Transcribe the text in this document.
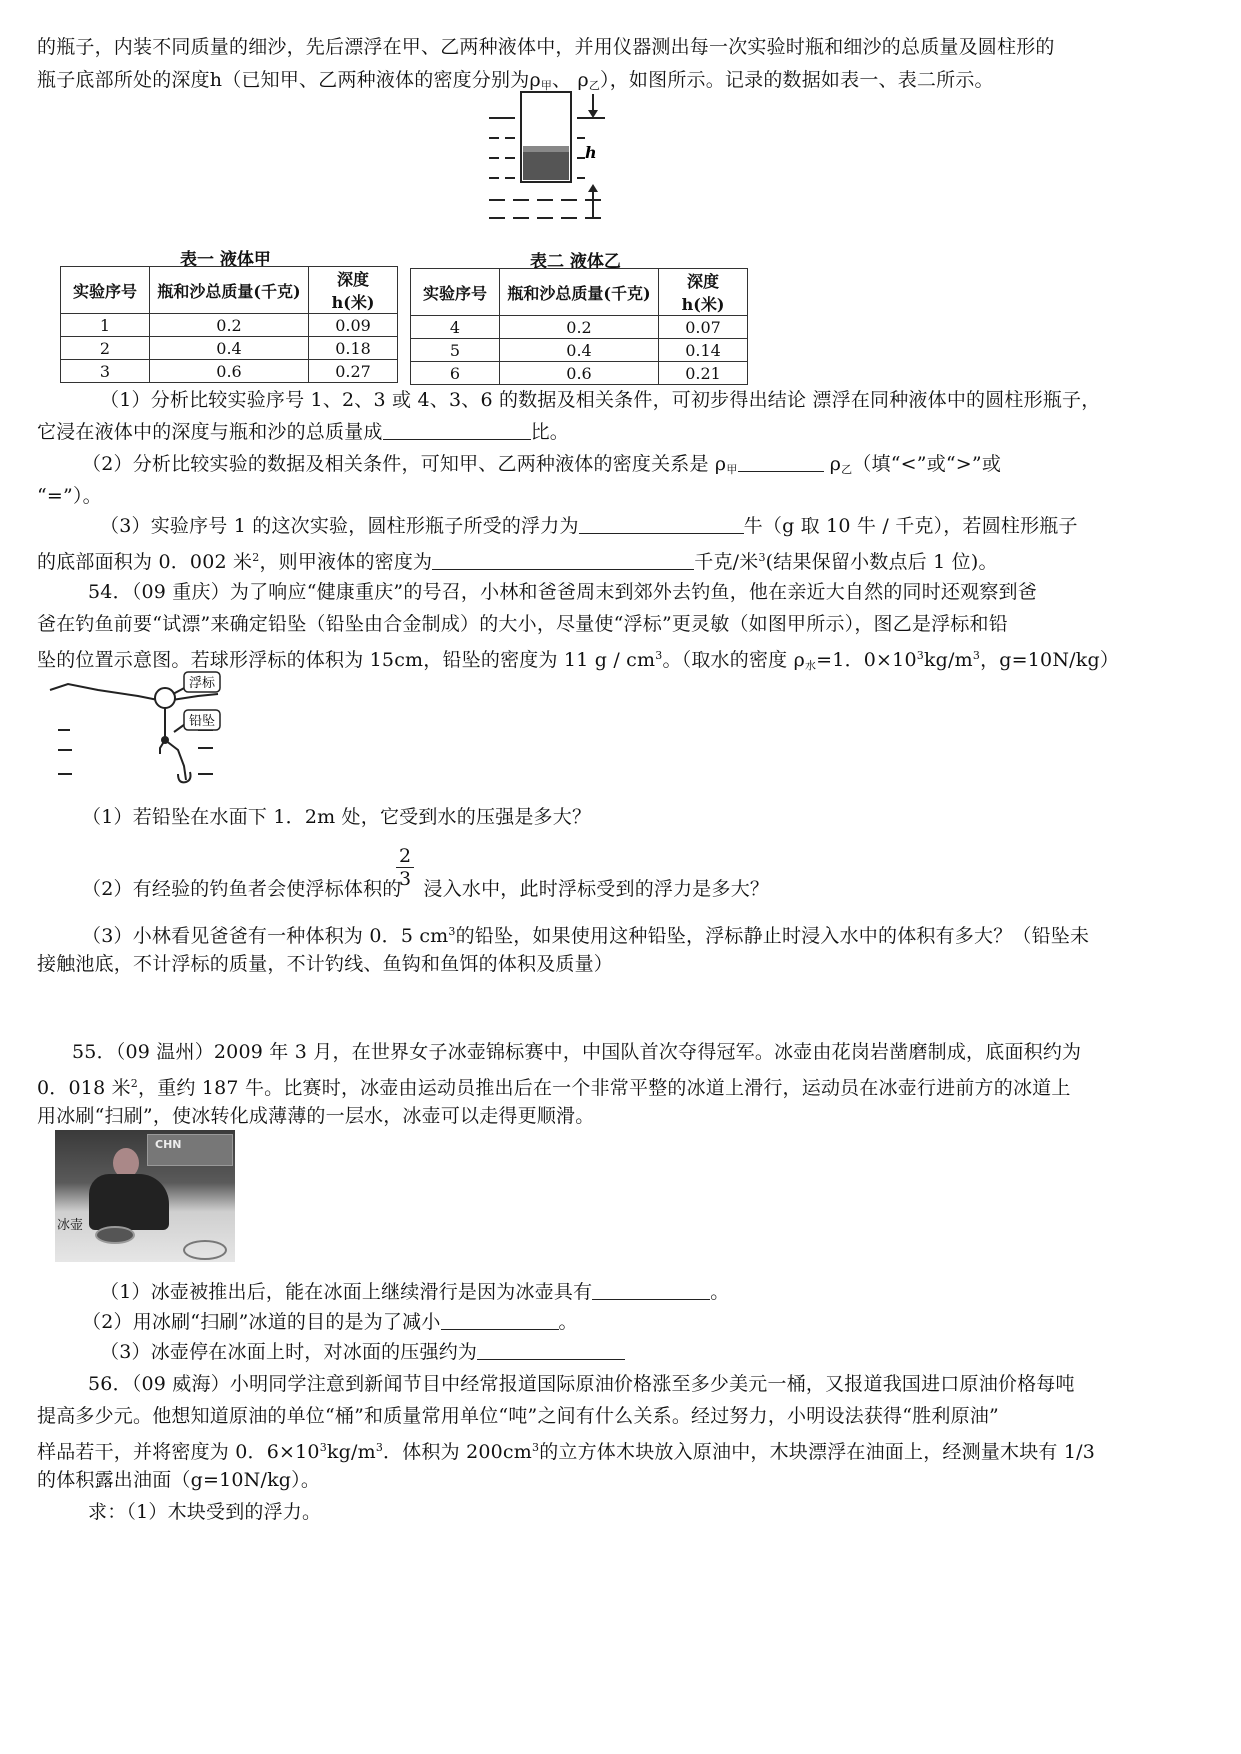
的瓶子，内装不同质量的细沙，先后漂浮在甲、乙两种液体中，并用仪器测出每一次实验时瓶和细沙的总质量及圆柱形的
瓶子底部所处的深度h（已知甲、乙两种液体的密度分别为$\rho_甲$、 $\rho_乙$），如图所示。记录的数据如表一、表二所示。
h
表一 液体甲
实验序号	瓶和沙总质量(千克)	深度 h(米)
1	0.2	0.09
2	0.4	0.18
3	0.6	0.27
表二 液体乙
实验序号	瓶和沙总质量(千克)	深度 h(米)
4	0.2	0.07
5	0.4	0.14
6	0.6	0.21
（1）分析比较实验序号 1、2、3 或 4、3、6 的数据及相关条件，可初步得出结论 漂浮在同种液体中的圆柱形瓶子，
它浸在液体中的深度与瓶和沙的总质量成	比。
（2）分析比较实验的数据及相关条件，可知甲、乙两种液体的密度关系是 $\rho_甲$	$\rho_乙$（填“<”或“>”或
“=”）。
（3）实验序号 1 的这次实验，圆柱形瓶子所受的浮力为	牛（g 取 10 牛 / 千克），若圆柱形瓶子
的底部面积为 0．002 米$^2$，则甲液体的密度为	千克/米$^3$(结果保留小数点后 1 位)。
54．（09 重庆）为了响应“健康重庆”的号召，小林和爸爸周末到郊外去钓鱼，他在亲近大自然的同时还观察到爸
爸在钓鱼前要“试漂”来确定铅坠（铅坠由合金制成）的大小，尽量使“浮标”更灵敏（如图甲所示），图乙是浮标和铅
坠的位置示意图。若球形浮标的体积为 15cm，铅坠的密度为 11 g / $cm^3$。（取水的密度 $\rho_水=1$．$0\times 10^3kg/m^3$，g=10N/kg）
浮标
铅坠
（1）若铅坠在水面下 1．2m 处，它受到水的压强是多大？
$\frac{2}{3}$
（2）有经验的钓鱼者会使浮标体积的 浸入水中，此时浮标受到的浮力是多大？
（3）小林看见爸爸有一种体积为 0．5 $cm^3$的铅坠，如果使用这种铅坠，浮标静止时浸入水中的体积有多大？（铅坠未
接触池底，不计浮标的质量，不计钓线、鱼钩和鱼饵的体积及质量）
55．（09 温州）2009 年 3 月，在世界女子冰壶锦标赛中，中国队首次夺得冠军。冰壶由花岗岩凿磨制成，底面积约为
0．018 米$^2$，重约 187 牛。比赛时，冰壶由运动员推出后在一个非常平整的冰道上滑行，运动员在冰壶行进前方的冰道上
用冰刷“扫刷”，使冰转化成薄薄的一层水，冰壶可以走得更顺滑。
CHN
冰壶
（1）冰壶被推出后，能在冰面上继续滑行是因为冰壶具有	。
（2）用冰刷“扫刷”冰道的目的是为了减小	。
（3）冰壶停在冰面上时，对冰面的压强约为
56．（09 威海）小明同学注意到新闻节目中经常报道国际原油价格涨至多少美元一桶，又报道我国进口原油价格每吨
提高多少元。他想知道原油的单位“桶”和质量常用单位“吨”之间有什么关系。经过努力，小明设法获得“胜利原油”
样品若干，并将密度为 0．$6\times 10^3kg/m^3$．体积为 $200cm^3$的立方体木块放入原油中，木块漂浮在油面上，经测量木块有 1/3
的体积露出油面（g=10N/kg）。
求：（1）木块受到的浮力。
